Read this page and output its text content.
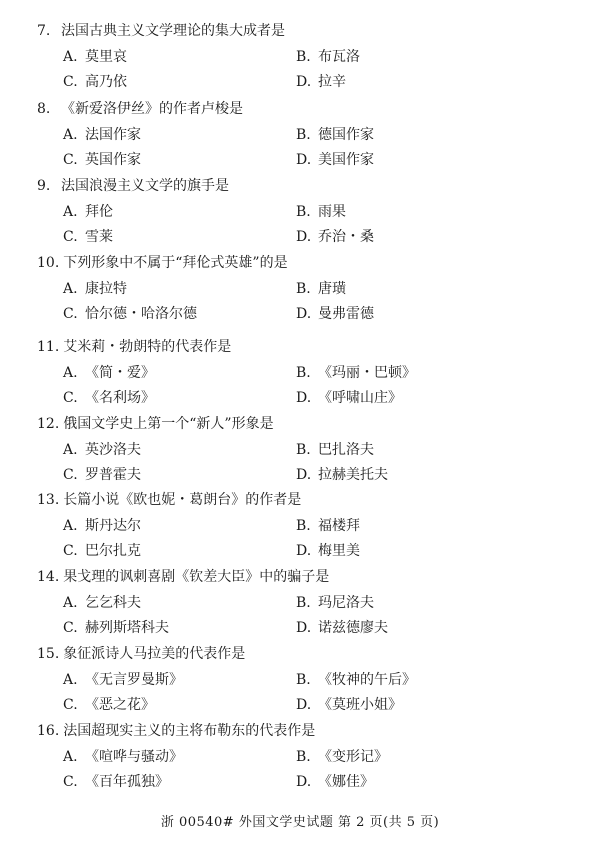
7. 法国古典主义文学理论的集大成者是
A. 莫里哀	B. 布瓦洛
C. 高乃依	D. 拉辛
8. 《新爱洛伊丝》的作者卢梭是
A. 法国作家	B. 德国作家
C. 英国作家	D. 美国作家
9. 法国浪漫主义文学的旗手是
A. 拜伦	B. 雨果
C. 雪莱	D. 乔治・桑
10. 下列形象中不属于“拜伦式英雄”的是
A. 康拉特	B. 唐璜
C. 恰尔德・哈洛尔德	D. 曼弗雷德
11. 艾米莉・勃朗特的代表作是
A. 《简・爱》	B. 《玛丽・巴顿》
C. 《名利场》	D. 《呼啸山庄》
12. 俄国文学史上第一个“新人”形象是
A. 英沙洛夫	B. 巴扎洛夫
C. 罗普霍夫	D. 拉赫美托夫
13. 长篇小说《欧也妮・葛朗台》的作者是
A. 斯丹达尔	B. 福楼拜
C. 巴尔扎克	D. 梅里美
14. 果戈理的讽刺喜剧《钦差大臣》中的骗子是
A. 乞乞科夫	B. 玛尼洛夫
C. 赫列斯塔科夫	D. 诺兹德廖夫
15. 象征派诗人马拉美的代表作是
A. 《无言罗曼斯》	B. 《牧神的午后》
C. 《恶之花》	D. 《莫班小姐》
16. 法国超现实主义的主将布勒东的代表作是
A. 《喧哗与骚动》	B. 《变形记》
C. 《百年孤独》	D. 《娜佳》
浙 00540# 外国文学史试题 第 2 页(共 5 页)
